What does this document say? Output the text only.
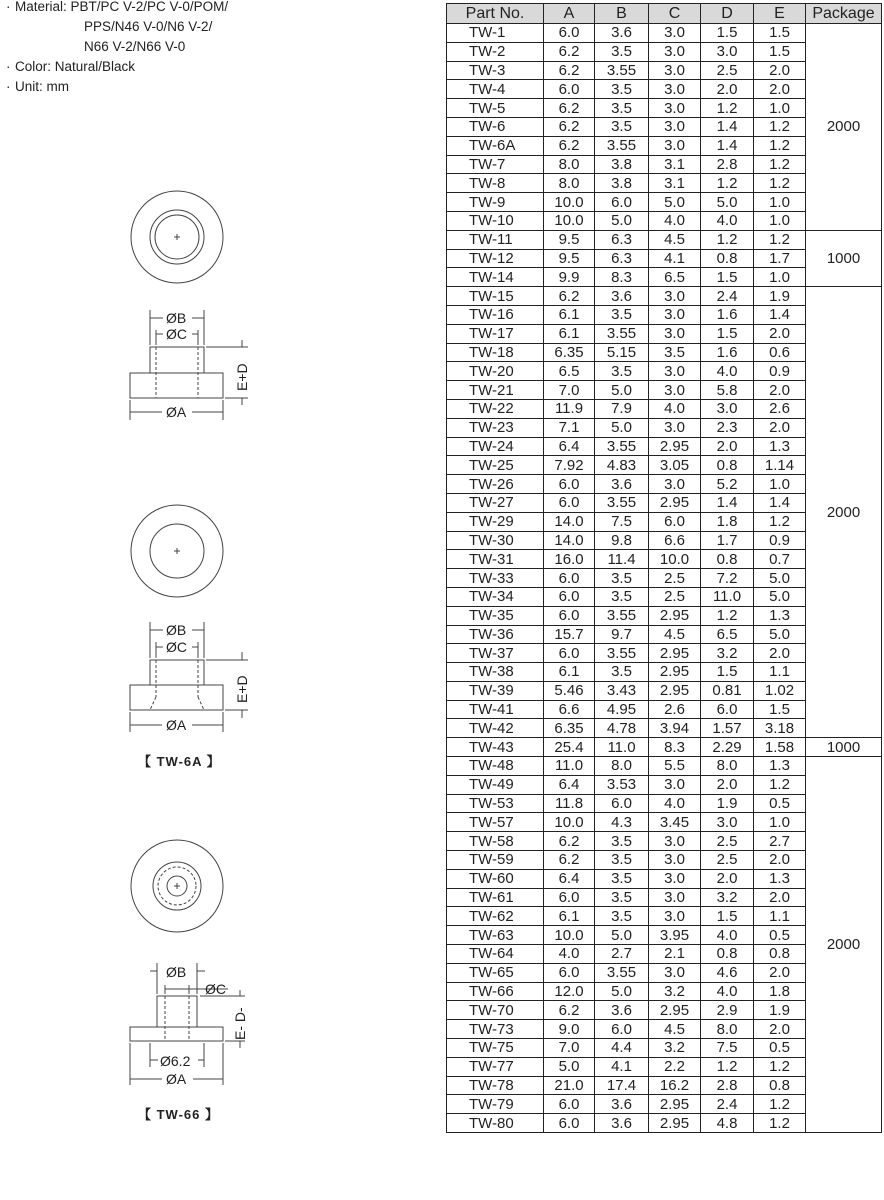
· Material:
PBT/PC V-2/PC V-0/POM/
PPS/N46 V-0/N6 V-2/
N66 V-2/N66 V-0
· Color: Natural/Black
· Unit: mm
ØB
ØC
ØA
E+D
ØB
ØC
ØA
E+D
ØB
ØC
Ø6.2
ØA
E- D-
【 TW-6A 】
【 TW-66 】
Part No.	A	B	C	D	E	Package
TW-1	6.0	3.6	3.0	1.5	1.5	2000
TW-2	6.2	3.5	3.0	3.0	1.5	
TW-3	6.2	3.55	3.0	2.5	2.0	
TW-4	6.0	3.5	3.0	2.0	2.0	
TW-5	6.2	3.5	3.0	1.2	1.0	
TW-6	6.2	3.5	3.0	1.4	1.2	
TW-6A	6.2	3.55	3.0	1.4	1.2	
TW-7	8.0	3.8	3.1	2.8	1.2	
TW-8	8.0	3.8	3.1	1.2	1.2	
TW-9	10.0	6.0	5.0	5.0	1.0	
TW-10	10.0	5.0	4.0	4.0	1.0	
TW-11	9.5	6.3	4.5	1.2	1.2	1000
TW-12	9.5	6.3	4.1	0.8	1.7	
TW-14	9.9	8.3	6.5	1.5	1.0	
TW-15	6.2	3.6	3.0	2.4	1.9	2000
TW-16	6.1	3.5	3.0	1.6	1.4	
TW-17	6.1	3.55	3.0	1.5	2.0	
TW-18	6.35	5.15	3.5	1.6	0.6	
TW-20	6.5	3.5	3.0	4.0	0.9	
TW-21	7.0	5.0	3.0	5.8	2.0	
TW-22	11.9	7.9	4.0	3.0	2.6	
TW-23	7.1	5.0	3.0	2.3	2.0	
TW-24	6.4	3.55	2.95	2.0	1.3	
TW-25	7.92	4.83	3.05	0.8	1.14	
TW-26	6.0	3.6	3.0	5.2	1.0	
TW-27	6.0	3.55	2.95	1.4	1.4	
TW-29	14.0	7.5	6.0	1.8	1.2	
TW-30	14.0	9.8	6.6	1.7	0.9	
TW-31	16.0	11.4	10.0	0.8	0.7	
TW-33	6.0	3.5	2.5	7.2	5.0	
TW-34	6.0	3.5	2.5	11.0	5.0	
TW-35	6.0	3.55	2.95	1.2	1.3	
TW-36	15.7	9.7	4.5	6.5	5.0	
TW-37	6.0	3.55	2.95	3.2	2.0	
TW-38	6.1	3.5	2.95	1.5	1.1	
TW-39	5.46	3.43	2.95	0.81	1.02	
TW-41	6.6	4.95	2.6	6.0	1.5	
TW-42	6.35	4.78	3.94	1.57	3.18	
TW-43	25.4	11.0	8.3	2.29	1.58	1000
TW-48	11.0	8.0	5.5	8.0	1.3	2000
TW-49	6.4	3.53	3.0	2.0	1.2	
TW-53	11.8	6.0	4.0	1.9	0.5	
TW-57	10.0	4.3	3.45	3.0	1.0	
TW-58	6.2	3.5	3.0	2.5	2.7	
TW-59	6.2	3.5	3.0	2.5	2.0	
TW-60	6.4	3.5	3.0	2.0	1.3	
TW-61	6.0	3.5	3.0	3.2	2.0	
TW-62	6.1	3.5	3.0	1.5	1.1	
TW-63	10.0	5.0	3.95	4.0	0.5	
TW-64	4.0	2.7	2.1	0.8	0.8	
TW-65	6.0	3.55	3.0	4.6	2.0	
TW-66	12.0	5.0	3.2	4.0	1.8	
TW-70	6.2	3.6	2.95	2.9	1.9	
TW-73	9.0	6.0	4.5	8.0	2.0	
TW-75	7.0	4.4	3.2	7.5	0.5	
TW-77	5.0	4.1	2.2	1.2	1.2	
TW-78	21.0	17.4	16.2	2.8	0.8	
TW-79	6.0	3.6	2.95	2.4	1.2	
TW-80	6.0	3.6	2.95	4.8	1.2	
